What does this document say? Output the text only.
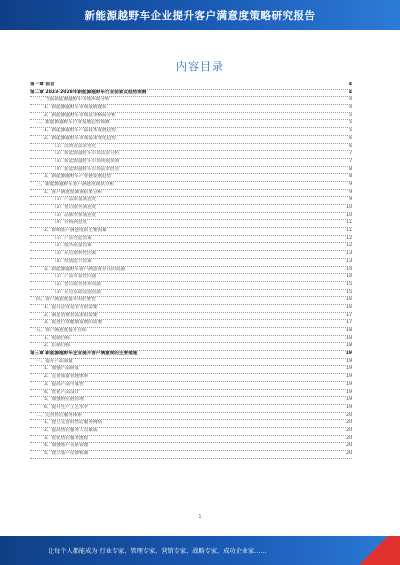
新能源越野车企业提升客户满意度策略研究报告
内容目录
第一章 前言	4
第二章 2023-2028年新能源越野车行业前景及趋势预测	4
一、当前新能源越野车市场环境分析	4
1、新能源越野车市场发展现状	4
2、新能源越野车市场竞争格局分析	5
二、新能源越野车行业发展趋势预测	5
1、新能源越野车产品技术发展趋势	5
2、新能源越野车市场需求变化趋势	6
（1）消费者需求变化	6
（2）新能源越野车市场需求分析	7
（3）新能源越野车市场规模预测	7
（4）新能源越野车市场前景展望	8
3、新能源越野车产业链发展趋势	8
三、新能源越野车客户满意度现状分析	9
1、客户满意度调查结果分析	9
（1）产品质量满意度	9
（2）售后服务满意度	10
（3）品牌形象满意度	10
（4）价格满意度	11
2、影响客户满意度的主要因素	11
（1）产品性能因素	12
（2）服务质量因素	12
（3）充电便利性因素	13
（4）续航能力因素	13
3、新能源越野车客户满意度存在的问题	14
（1）产品可靠性问题	14
（2）售后服务体系问题	15
（3）充电基础设施问题	15
四、客户满意度提升的必要性	16
1、提升企业竞争力的需要	16
2、满足消费者需求的需要	17
3、促进行业健康发展的需要	17
五、客户满意度提升目标	18
1、短期目标	18
2、长期目标	18
第三章 新能源越野车企业提升客户满意度的主要措施	19
一、提升产品质量	19
1、加强产品研发	19
2、完善质量管理体系	19
3、提高产品可靠性	19
4、优化产品设计	19
5、加强供应链管理	19
6、提升生产工艺水平	19
二、完善售后服务体系	20
1、建立完善的售后服务网络	20
2、提高售后服务人员素质	20
3、优化售后服务流程	20
4、加强客户关系管理	20
5、建立客户反馈机制	20
1
让每个人都能成为 行业专家、管理专家、营销专家、战略专家、成功企业家……
